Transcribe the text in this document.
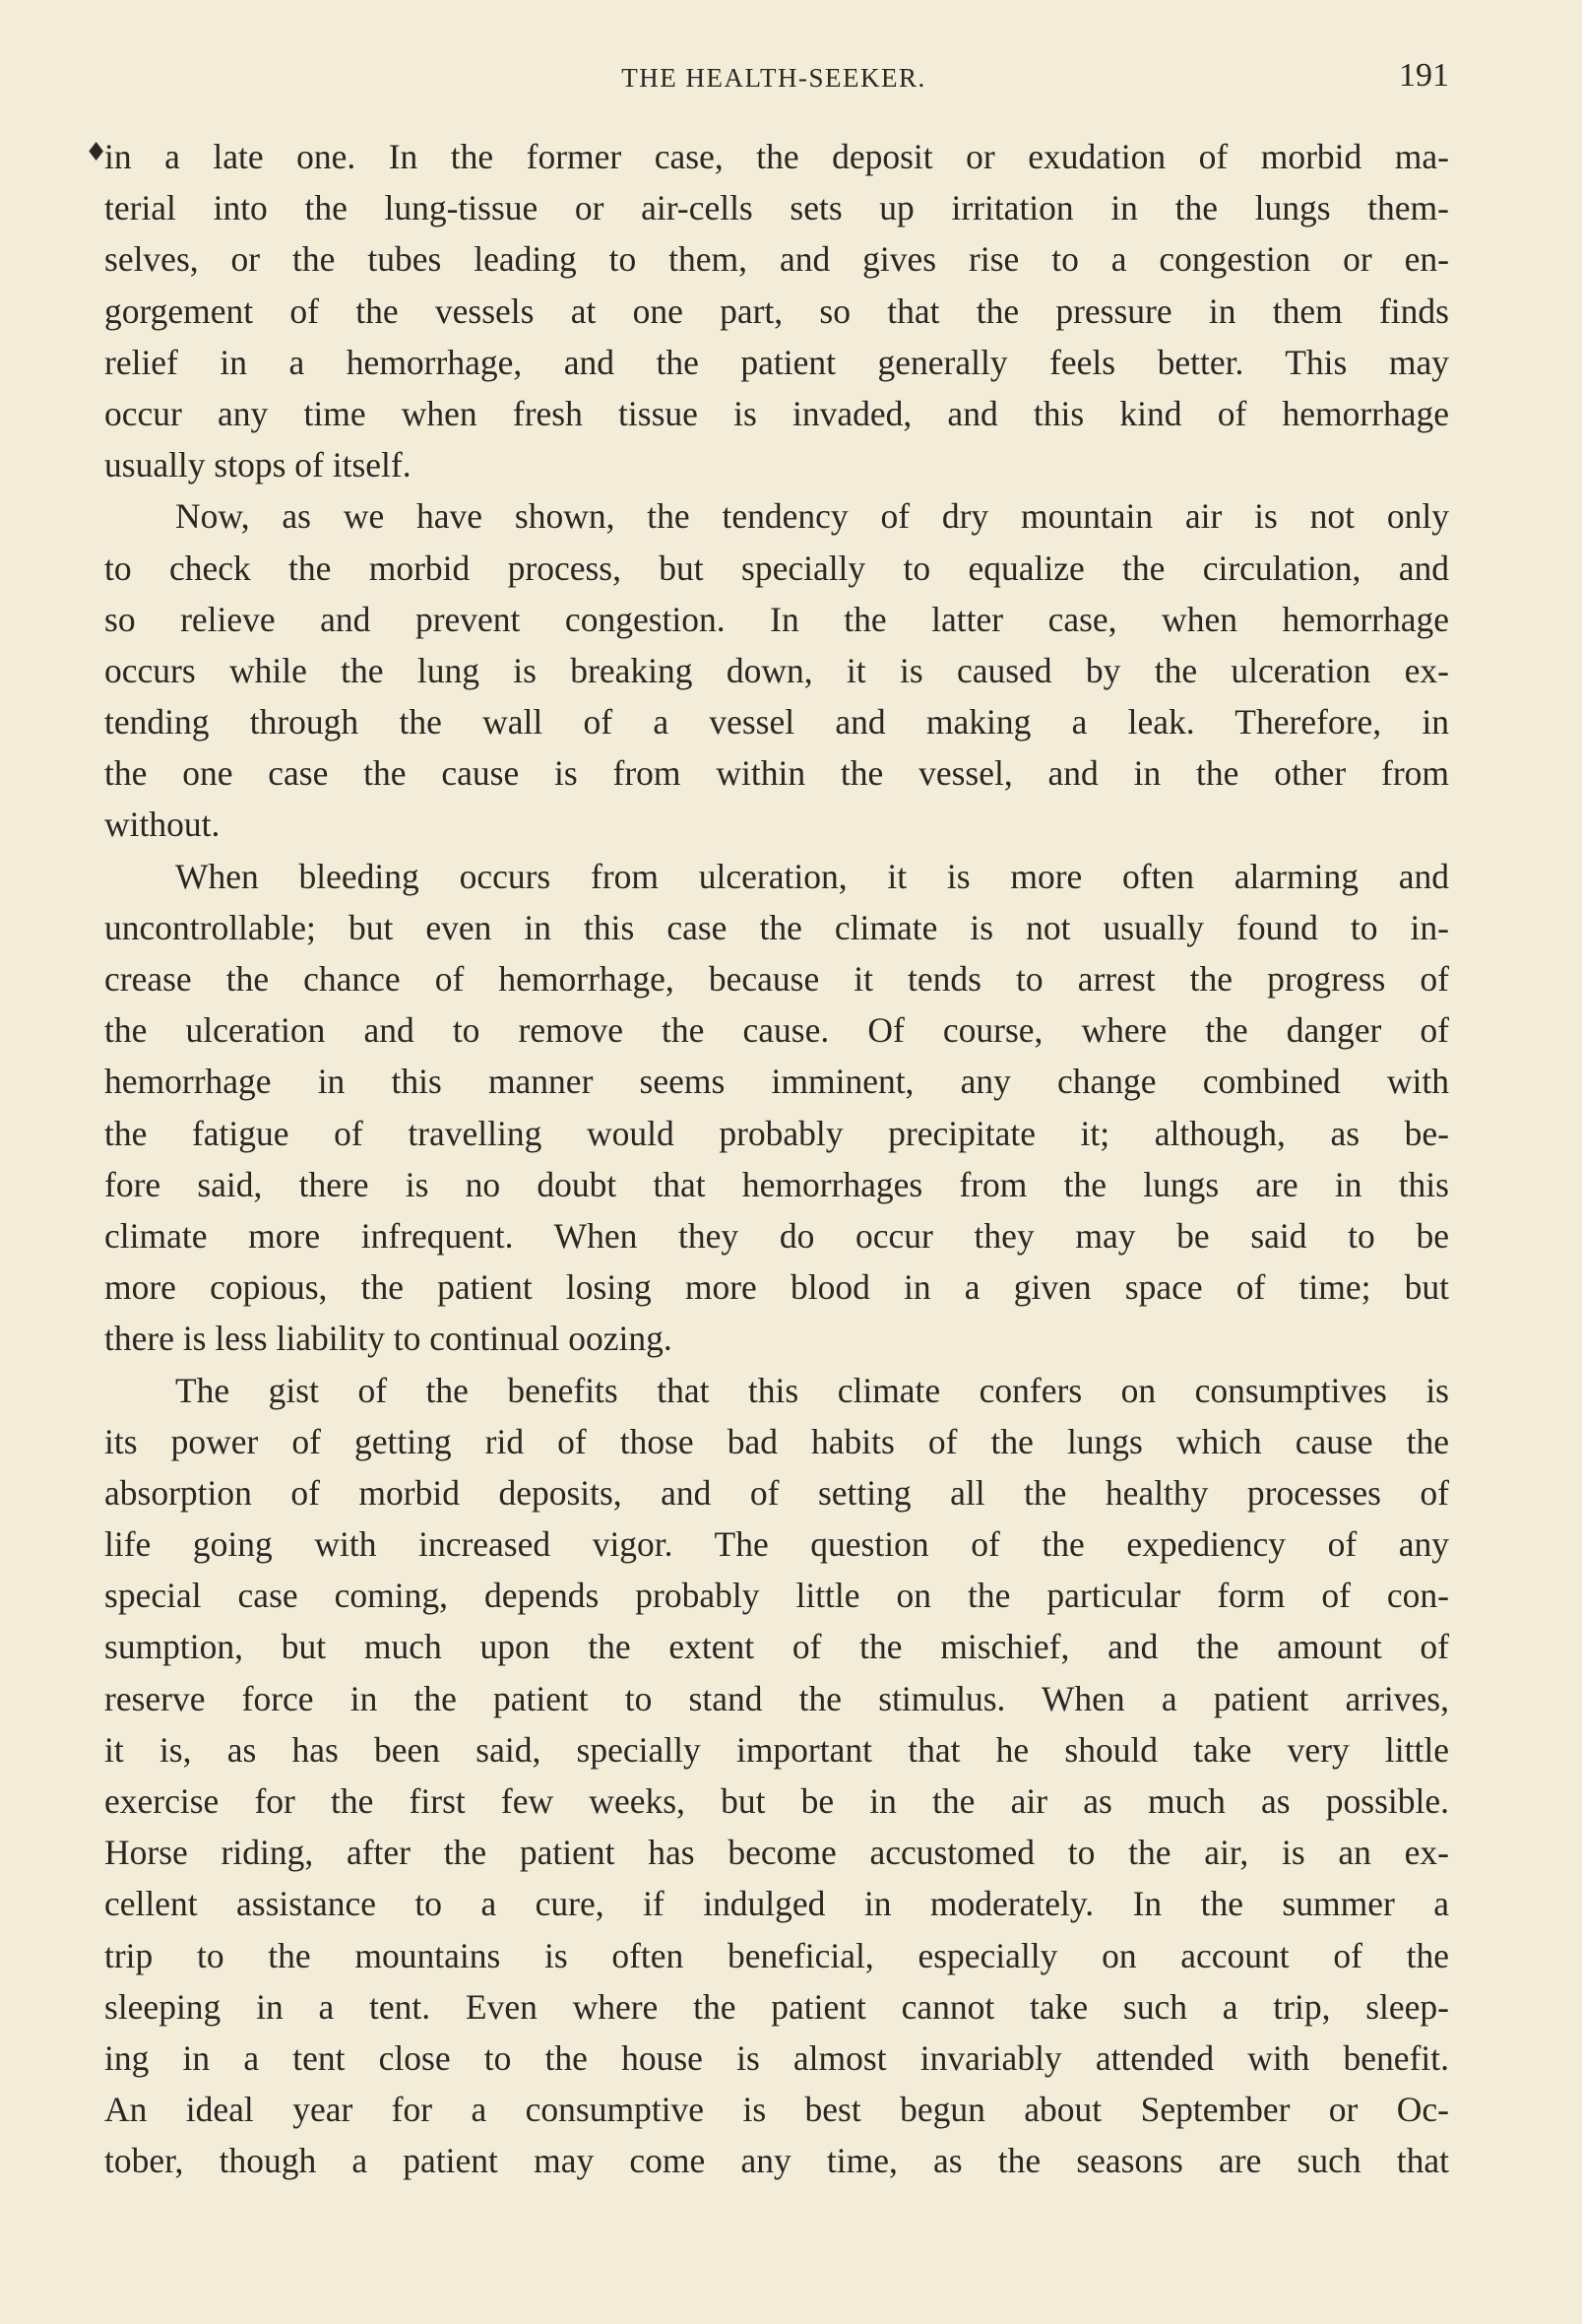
THE HEALTH-SEEKER.	191
♦
in a late one. In the former case, the deposit or exudation of morbid ma-
terial into the lung-tissue or air-cells sets up irritation in the lungs them-
selves, or the tubes leading to them, and gives rise to a congestion or en-
gorgement of the vessels at one part, so that the pressure in them finds
relief in a hemorrhage, and the patient generally feels better. This may
occur any time when fresh tissue is invaded, and this kind of hemorrhage
usually stops of itself.
Now, as we have shown, the tendency of dry mountain air is not only
to check the morbid process, but specially to equalize the circulation, and
so relieve and prevent congestion. In the latter case, when hemorrhage
occurs while the lung is breaking down, it is caused by the ulceration ex-
tending through the wall of a vessel and making a leak. Therefore, in
the one case the cause is from within the vessel, and in the other from
without.
When bleeding occurs from ulceration, it is more often alarming and
uncontrollable; but even in this case the climate is not usually found to in-
crease the chance of hemorrhage, because it tends to arrest the progress of
the ulceration and to remove the cause. Of course, where the danger of
hemorrhage in this manner seems imminent, any change combined with
the fatigue of travelling would probably precipitate it; although, as be-
fore said, there is no doubt that hemorrhages from the lungs are in this
climate more infrequent. When they do occur they may be said to be
more copious, the patient losing more blood in a given space of time; but
there is less liability to continual oozing.
The gist of the benefits that this climate confers on consumptives is
its power of getting rid of those bad habits of the lungs which cause the
absorption of morbid deposits, and of setting all the healthy processes of
life going with increased vigor. The question of the expediency of any
special case coming, depends probably little on the particular form of con-
sumption, but much upon the extent of the mischief, and the amount of
reserve force in the patient to stand the stimulus. When a patient arrives,
it is, as has been said, specially important that he should take very little
exercise for the first few weeks, but be in the air as much as possible.
Horse riding, after the patient has become accustomed to the air, is an ex-
cellent assistance to a cure, if indulged in moderately. In the summer a
trip to the mountains is often beneficial, especially on account of the
sleeping in a tent. Even where the patient cannot take such a trip, sleep-
ing in a tent close to the house is almost invariably attended with benefit.
An ideal year for a consumptive is best begun about September or Oc-
tober, though a patient may come any time, as the seasons are such that
